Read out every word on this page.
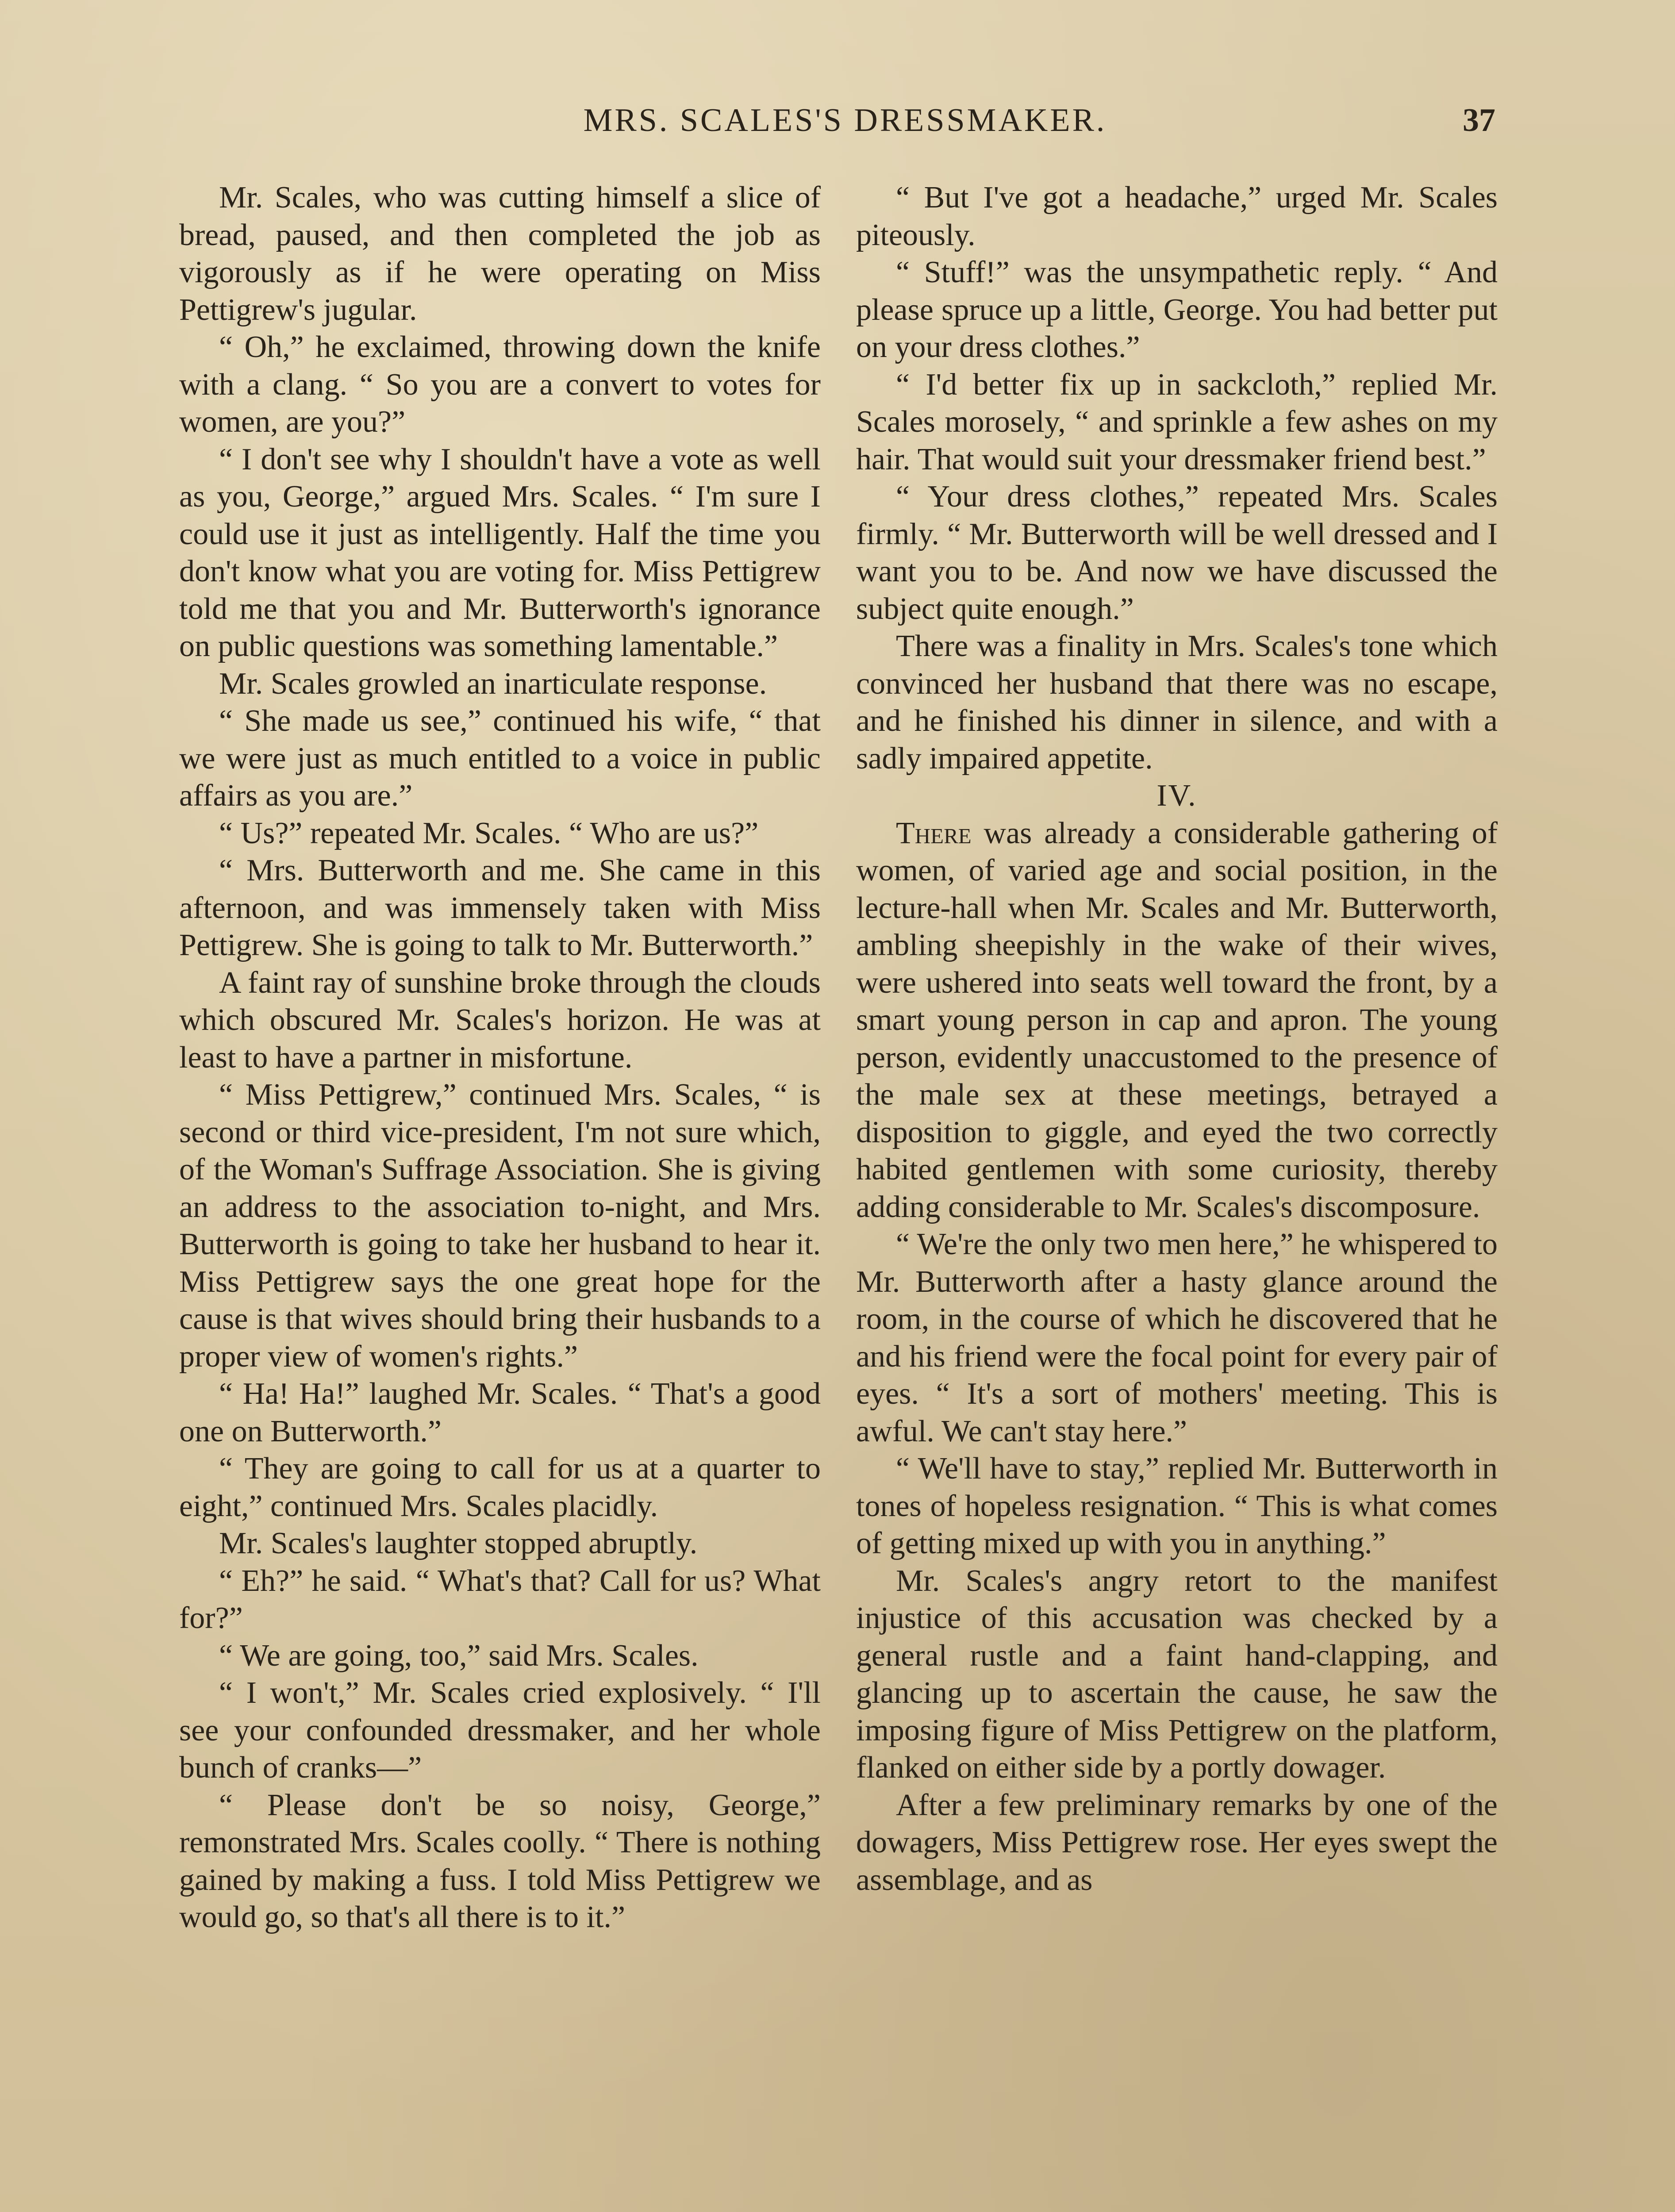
MRS. SCALES'S DRESSMAKER.	37

Mr. Scales, who was cutting himself a slice of bread, paused, and then completed the job as vigorously as if he were operating on Miss Pettigrew's jugular.

“ Oh,” he exclaimed, throwing down the knife with a clang. “ So you are a convert to votes for women, are you?”

“ I don't see why I shouldn't have a vote as well as you, George,” argued Mrs. Scales. “ I'm sure I could use it just as intelligently. Half the time you don't know what you are voting for. Miss Pettigrew told me that you and Mr. Butterworth's ignorance on public questions was something lamentable.”

Mr. Scales growled an inarticulate response.

“ She made us see,” continued his wife, “ that we were just as much entitled to a voice in public affairs as you are.”

“ Us?” repeated Mr. Scales. “ Who are us?”

“ Mrs. Butterworth and me. She came in this afternoon, and was immensely taken with Miss Pettigrew. She is going to talk to Mr. Butterworth.”

A faint ray of sunshine broke through the clouds which obscured Mr. Scales's horizon. He was at least to have a partner in misfortune.

“ Miss Pettigrew,” continued Mrs. Scales, “ is second or third vice-president, I'm not sure which, of the Woman's Suffrage Association. She is giving an address to the association to-night, and Mrs. Butterworth is going to take her husband to hear it. Miss Pettigrew says the one great hope for the cause is that wives should bring their husbands to a proper view of women's rights.”

“ Ha! Ha!” laughed Mr. Scales. “ That's a good one on Butterworth.”

“ They are going to call for us at a quarter to eight,” continued Mrs. Scales placidly.

Mr. Scales's laughter stopped abruptly.

“ Eh?” he said. “ What's that? Call for us? What for?”

“ We are going, too,” said Mrs. Scales.

“ I won't,” Mr. Scales cried explosively. “ I'll see your confounded dressmaker, and her whole bunch of cranks—”

“ Please don't be so noisy, George,” remonstrated Mrs. Scales coolly. “ There is nothing gained by making a fuss. I told Miss Pettigrew we would go, so that's all there is to it.”

“ But I've got a headache,” urged Mr. Scales piteously.

“ Stuff!” was the unsympathetic reply. “ And please spruce up a little, George. You had better put on your dress clothes.”

“ I'd better fix up in sackcloth,” replied Mr. Scales morosely, “ and sprinkle a few ashes on my hair. That would suit your dressmaker friend best.”

“ Your dress clothes,” repeated Mrs. Scales firmly. “ Mr. Butterworth will be well dressed and I want you to be. And now we have discussed the subject quite enough.”

There was a finality in Mrs. Scales's tone which convinced her husband that there was no escape, and he finished his dinner in silence, and with a sadly impaired appetite.

IV.

There was already a considerable gathering of women, of varied age and social position, in the lecture-hall when Mr. Scales and Mr. Butterworth, ambling sheepishly in the wake of their wives, were ushered into seats well toward the front, by a smart young person in cap and apron. The young person, evidently unaccustomed to the presence of the male sex at these meetings, betrayed a disposition to giggle, and eyed the two correctly habited gentlemen with some curiosity, thereby adding considerable to Mr. Scales's discomposure.

“ We're the only two men here,” he whispered to Mr. Butterworth after a hasty glance around the room, in the course of which he discovered that he and his friend were the focal point for every pair of eyes. “ It's a sort of mothers' meeting. This is awful. We can't stay here.”

“ We'll have to stay,” replied Mr. Butterworth in tones of hopeless resignation. “ This is what comes of getting mixed up with you in anything.”

Mr. Scales's angry retort to the manifest injustice of this accusation was checked by a general rustle and a faint hand-clapping, and glancing up to ascertain the cause, he saw the imposing figure of Miss Pettigrew on the platform, flanked on either side by a portly dowager.

After a few preliminary remarks by one of the dowagers, Miss Pettigrew rose. Her eyes swept the assemblage, and as
